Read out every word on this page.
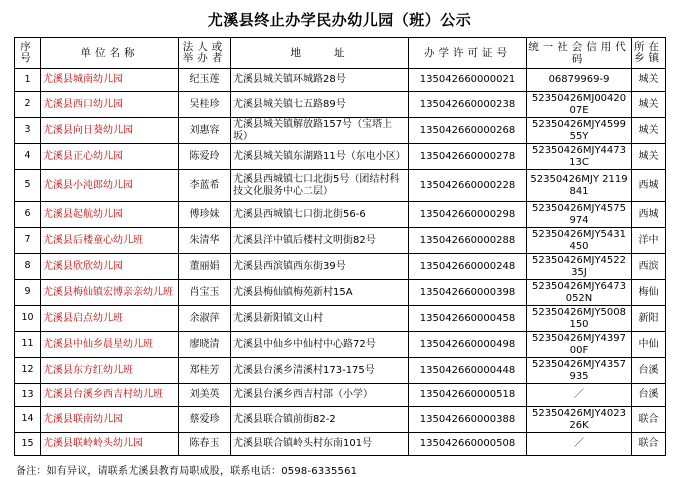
尤溪县终止办学民办幼儿园（班）公示
序号	单位名称	法人或举办者	地　　址	办学许可证号	统一社会信用代码	所在乡镇
1	尤溪县城南幼儿园	纪玉莲	尤溪县城关镇环城路28号	135042660000021	06879969-9	城关
2	尤溪县西口幼儿园	吴桂珍	尤溪县城关镇七五路89号	135042660000238	52350426MJ0042007E	城关
3	尤溪县向日葵幼儿园	刘惠容	尤溪县城关镇解放路157号（宝塔上坂）	135042660000268	52350426MJY459955Y	城关
4	尤溪县正心幼儿园	陈爱玲	尤溪县城关镇东湖路11号（东电小区）	135042660000278	52350426MJY447313C	城关
5	尤溪县小沌郎幼儿园	李蓝希	尤溪县西城镇七口北街5号（团结村科技文化服务中心二层）	135042660000228	52350426MJY 2119841	西城
6	尤溪县起航幼儿园	傅珍妹	尤溪县西城镇七口街北街56-6	135042660000298	52350426MJY4575974	西城
7	尤溪县后楼童心幼儿班	朱清华	尤溪县洋中镇后楼村文明街82号	135042660000288	52350426MJY5431450	洋中
8	尤溪县欣欣幼儿园	董丽娟	尤溪县西滨镇西东街39号	135042660000248	52350426MJY452235J	西滨
9	尤溪县梅仙镇宏博亲亲幼儿班	肖宝玉	尤溪县梅仙镇梅苑新村15A	135042660000398	52350426MJY6473052N	梅仙
10	尤溪县启点幼儿班	余淑萍	尤溪县新阳镇文山村	135042660000458	52350426MJY5008150	新阳
11	尤溪县中仙乡晨星幼儿班	廖晓清	尤溪县中仙乡中仙村中心路72号	135042660000498	52350426MJY439700F	中仙
12	尤溪县东方红幼儿班	郑桂芳	尤溪县台溪乡清溪村173-175号	135042660000448	52350426MJY4357935	台溪
13	尤溪县台溪乡西吉村幼儿班	刘美英	尤溪县台溪乡西吉村部（小学）	135042660000518	／	台溪
14	尤溪县联南幼儿园	蔡爱珍	尤溪县联合镇前街82-2	135042660000388	52350426MJY402326K	联合
15	尤溪县联岭岭头幼儿园	陈春玉	尤溪县联合镇岭头村东南101号	135042660000508	／	联合
备注：如有异议，请联系尤溪县教育局职成股，联系电话：0598-6335561
